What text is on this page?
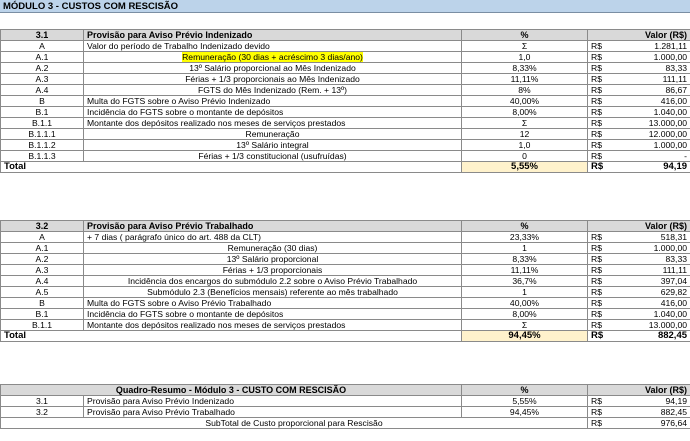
MÓDULO 3 - CUSTOS COM RESCISÃO
3.1	Provisão para Aviso Prévio Indenizado	%	Valor (R$)	
A	Valor do período de Trabalho Indenizado devido	Σ	R$	1.281,11
A.1	Remuneração (30 dias + acréscimo 3 dias/ano)	1,0	R$	1.000,00
A.2	13º Salário proporcional ao Mês Indenizado	8,33%	R$	83,33
A.3	Férias + 1/3 proporcionais ao Mês Indenizado	11,11%	R$	111,11
A.4	FGTS do Mês Indenizado (Rem. + 13º)	8%	R$	86,67
B	Multa do FGTS sobre o Aviso Prévio Indenizado	40,00%	R$	416,00
B.1	Incidência do FGTS sobre o montante de depósitos	8,00%	R$	1.040,00
B.1.1	Montante dos depósitos realizado nos meses de serviços prestados	Σ	R$	13.000,00
B.1.1.1	Remuneração	12	R$	12.000,00
B.1.1.2	13º Salário integral	1,0	R$	1.000,00
B.1.1.3	Férias + 1/3 constitucional (usufruídas)	0	R$	-
Total		5,55%	R$	94,19
3.2	Provisão para Aviso Prévio Trabalhado	%	Valor (R$)	
A	+ 7 dias ( parágrafo único do art. 488 da CLT)	23,33%	R$	518,31
A.1	Remuneração (30 dias)	1	R$	1.000,00
A.2	13º Salário proporcional	8,33%	R$	83,33
A.3	Férias + 1/3 proporcionais	11,11%	R$	111,11
A.4	Incidência dos encargos do submódulo 2.2 sobre o Aviso Prévio Trabalhado	36,7%	R$	397,04
A.5	Submódulo 2.3 (Benefícios mensais) referente ao mês trabalhado	1	R$	629,82
B	Multa do FGTS sobre o Aviso Prévio Trabalhado	40,00%	R$	416,00
B.1	Incidência do FGTS sobre o montante de depósitos	8,00%	R$	1.040,00
B.1.1	Montante dos depósitos realizado nos meses de serviços prestados	Σ	R$	13.000,00
Total		94,45%	R$	882,45
Quadro-Resumo - Módulo 3 - CUSTO COM RESCISÃO		%	Valor (R$)	
3.1	Provisão para Aviso Prévio Indenizado	5,55%	R$	94,19
3.2	Provisão para Aviso Prévio Trabalhado	94,45%	R$	882,45
SubTotal de Custo proporcional para Rescisão			R$	976,64
